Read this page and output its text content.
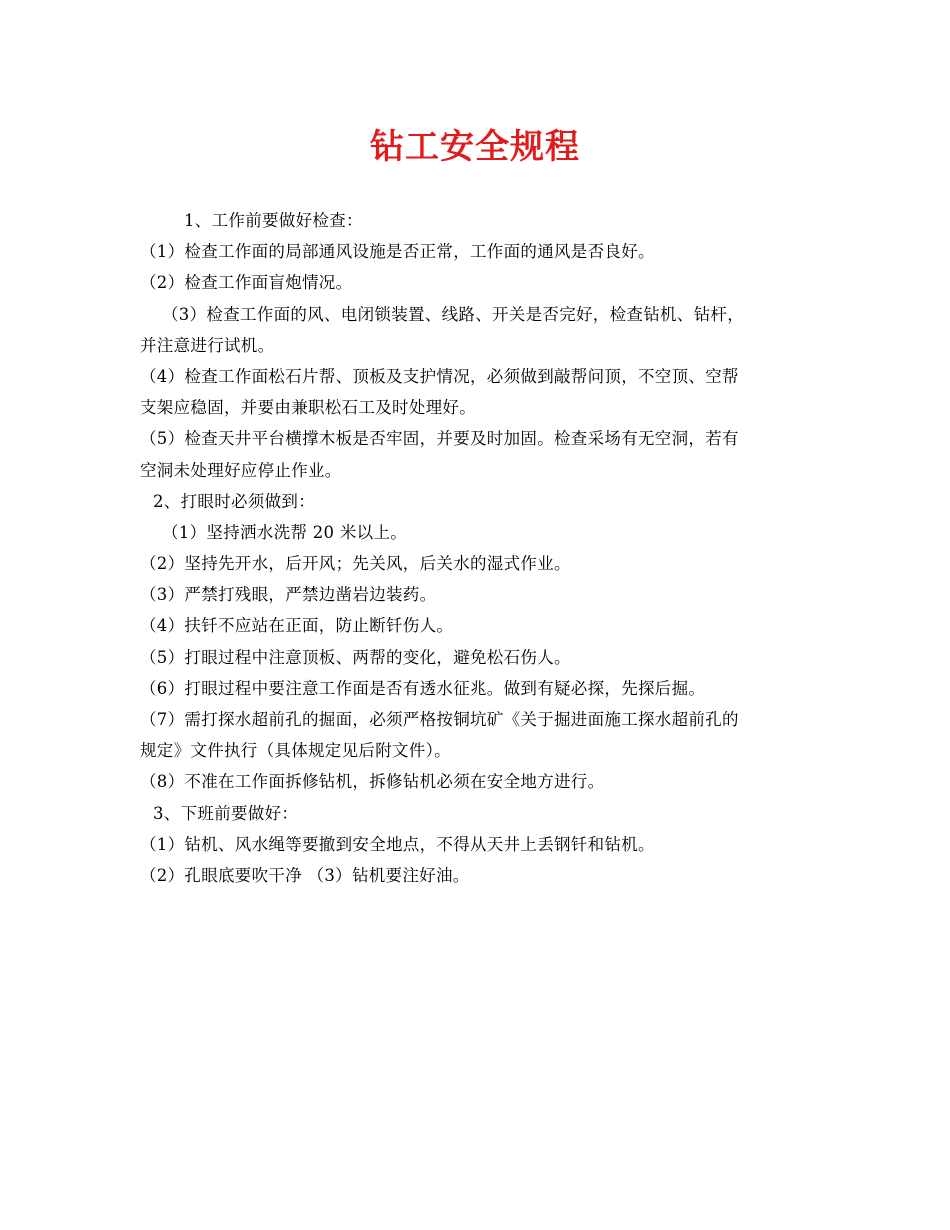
钻工安全规程
1、工作前要做好检查：
（1）检查工作面的局部通风设施是否正常，工作面的通风是否良好。
（2）检查工作面盲炮情况。
（3）检查工作面的风、电闭锁装置、线路、开关是否完好，检查钻机、钻杆，
并注意进行试机。
（4）检查工作面松石片帮、顶板及支护情况，必须做到敲帮问顶，不空顶、空帮
支架应稳固，并要由兼职松石工及时处理好。
（5）检查天井平台横撑木板是否牢固，并要及时加固。检查采场有无空洞，若有
空洞未处理好应停止作业。
2、打眼时必须做到：
（1）坚持洒水洗帮 20 米以上。
（2）坚持先开水，后开风；先关风，后关水的湿式作业。
（3）严禁打残眼，严禁边凿岩边装药。
（4）扶钎不应站在正面，防止断钎伤人。
（5）打眼过程中注意顶板、两帮的变化，避免松石伤人。
（6）打眼过程中要注意工作面是否有透水征兆。做到有疑必探，先探后掘。
（7）需打探水超前孔的掘面，必须严格按铜坑矿《关于掘进面施工探水超前孔的
规定》文件执行（具体规定见后附文件）。
（8）不准在工作面拆修钻机，拆修钻机必须在安全地方进行。
3、下班前要做好：
（1）钻机、风水绳等要撤到安全地点，不得从天井上丢钢钎和钻机。
（2）孔眼底要吹干净 （3）钻机要注好油。
